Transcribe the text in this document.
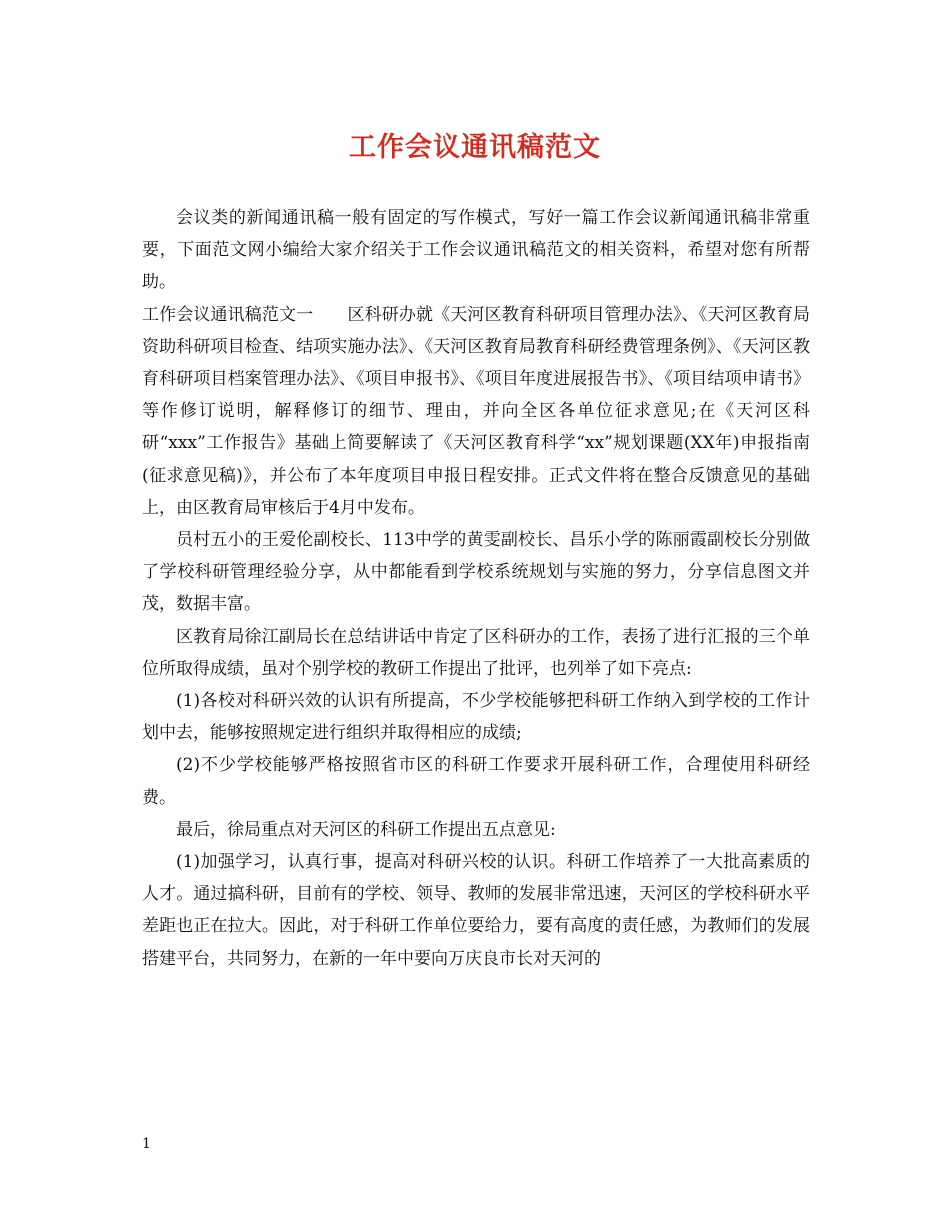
工作会议通讯稿范文

会议类的新闻通讯稿一般有固定的写作模式，写好一篇工作会议新闻通讯稿非常重要，下面范文网小编给大家介绍关于工作会议通讯稿范文的相关资料，希望对您有所帮助。

工作会议通讯稿范文一　　区科研办就《天河区教育科研项目管理办法》、《天河区教育局资助科研项目检查、结项实施办法》、《天河区教育局教育科研经费管理条例》、《天河区教育科研项目档案管理办法》、《项目申报书》、《项目年度进展报告书》、《项目结项申请书》等作修订说明，解释修订的细节、理由，并向全区各单位征求意见;在《天河区科研“xxx”工作报告》基础上简要解读了《天河区教育科学“xx”规划课题(XX年)申报指南(征求意见稿)》，并公布了本年度项目申报日程安排。正式文件将在整合反馈意见的基础上，由区教育局审核后于4月中发布。

员村五小的王爱伦副校长、113中学的黄雯副校长、昌乐小学的陈丽霞副校长分别做了学校科研管理经验分享，从中都能看到学校系统规划与实施的努力，分享信息图文并茂，数据丰富。

区教育局徐江副局长在总结讲话中肯定了区科研办的工作，表扬了进行汇报的三个单位所取得成绩，虽对个别学校的教研工作提出了批评，也列举了如下亮点:

(1)各校对科研兴效的认识有所提高，不少学校能够把科研工作纳入到学校的工作计划中去，能够按照规定进行组织并取得相应的成绩;

(2)不少学校能够严格按照省市区的科研工作要求开展科研工作，合理使用科研经费。

最后，徐局重点对天河区的科研工作提出五点意见:

(1)加强学习，认真行事，提高对科研兴校的认识。科研工作培养了一大批高素质的人才。通过搞科研，目前有的学校、领导、教师的发展非常迅速，天河区的学校科研水平差距也正在拉大。因此，对于科研工作单位要给力，要有高度的责任感，为教师们的发展搭建平台，共同努力，在新的一年中要向万庆良市长对天河的

1
